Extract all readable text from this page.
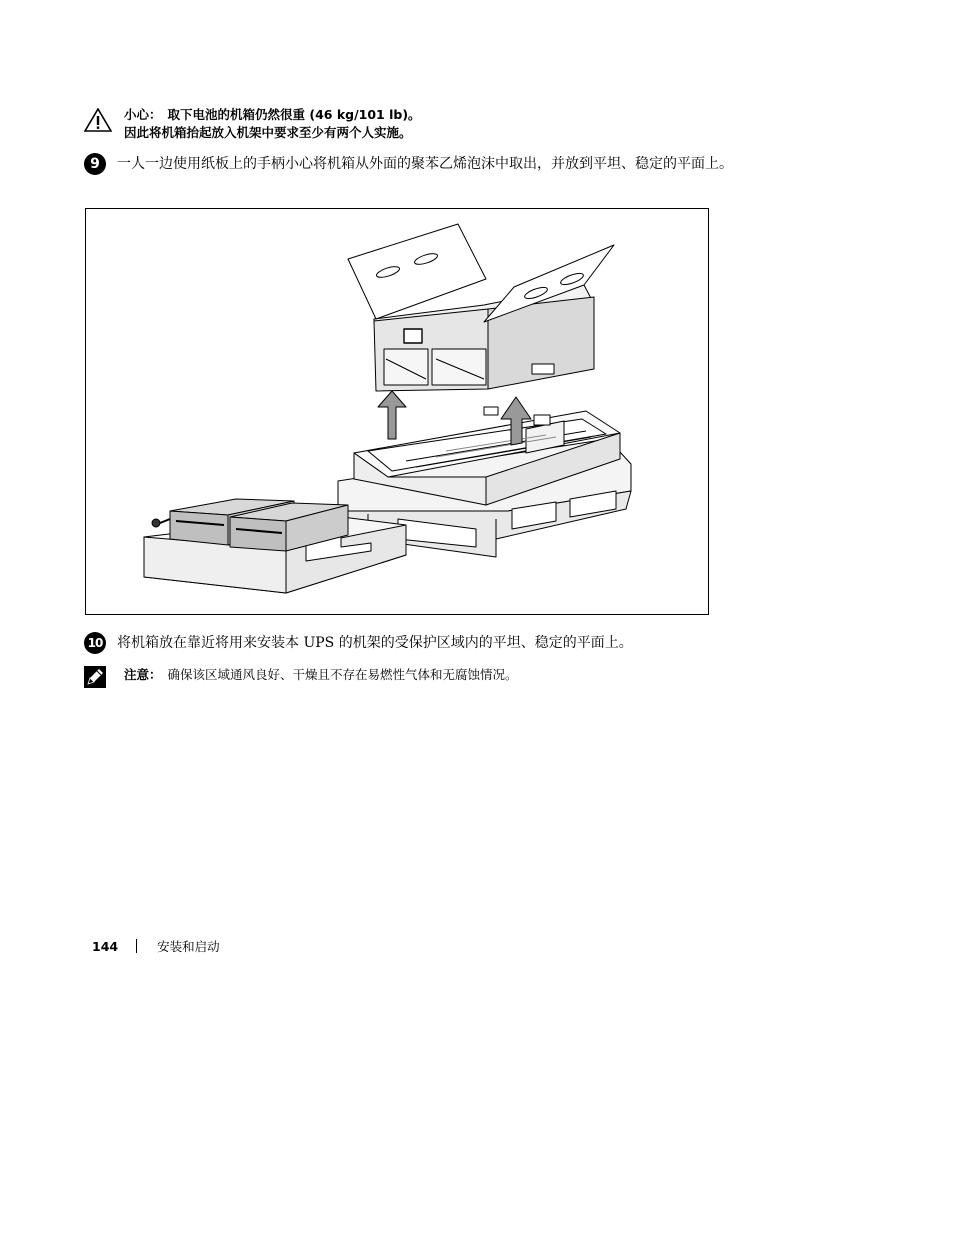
小心： 取下电池的机箱仍然很重 (46 kg/101 lb)。
因此将机箱抬起放入机架中要求至少有两个人实施。
9	一人一边使用纸板上的手柄小心将机箱从外面的聚苯乙烯泡沫中取出，并放到平坦、稳定的平面上。
10 将机箱放在靠近将用来安装本 UPS 的机架的受保护区域内的平坦、稳定的平面上。
注意： 确保该区域通风良好、干燥且不存在易燃性气体和无腐蚀情况。
144	安装和启动
